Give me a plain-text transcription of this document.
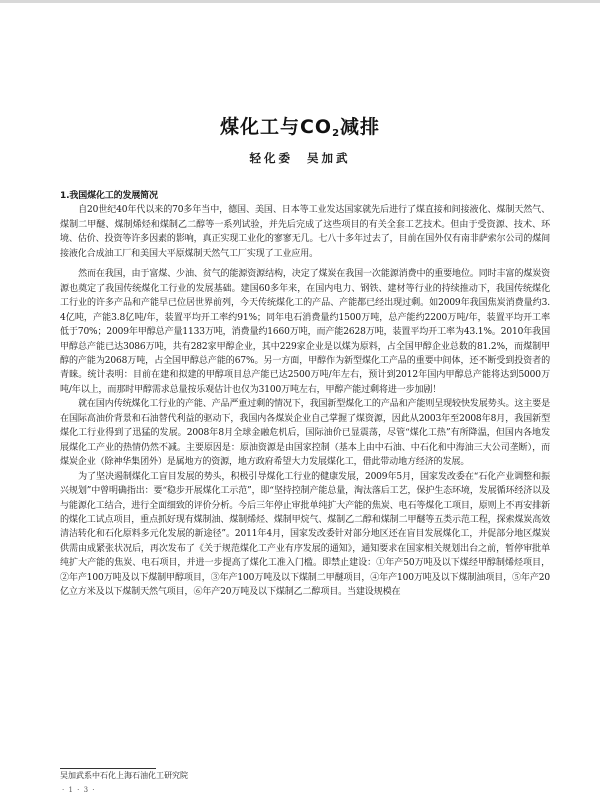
煤化工与$CO_2$减排
轻化委 吴加武

1.我国煤化工的发展简况

自20世纪40年代以来的70多年当中，德国、美国、日本等工业发达国家就先后进行了煤直接和间接液化、煤制天然气、煤制二甲醚、煤制烯烃和煤制乙二醇等一系列试验，并先后完成了这些项目的有关全套工艺技术。但由于受资源、技术、环境、估价、投资等许多因素的影响，真正实现工业化的寥寥无几。七八十多年过去了，目前在国外仅有南非萨索尔公司的煤间接液化合成油工厂和美国大平原煤制天然气工厂实现了工业应用。

然而在我国，由于富煤、少油、贫气的能源资源结构，决定了煤炭在我国一次能源消费中的重要地位。同时丰富的煤炭资源也奠定了我国传统煤化工行业的发展基础。建国60多年来，在国内电力、钢铁、建材等行业的持续推动下，我国传统煤化工行业的许多产品和产能早已位居世界前列，今天传统煤化工的产品、产能都已经出现过剩。如2009年我国焦炭消费量约3.4亿吨，产能3.8亿吨/年，装置平均开工率约91%；同年电石消费量约1500万吨，总产能约2200万吨/年，装置平均开工率低于70%；2009年甲醇总产量1133万吨，消费量约1660万吨，而产能2628万吨，装置平均开工率为43.1%。2010年我国甲醇总产能已达3086万吨，共有282家甲醇企业，其中229家企业是以煤为原料，占全国甲醇企业总数的81.2%，而煤制甲醇的产能为2068万吨，占全国甲醇总产能的67%。另一方面，甲醇作为新型煤化工产品的重要中间体，还不断受到投资者的青睐。统计表明：目前在建和拟建的甲醇项目总产能已达2500万吨/年左右，预计到2012年国内甲醇总产能将达到5000万吨/年以上，而那时甲醇需求总量按乐观估计也仅为3100万吨左右，甲醇产能过剩将进一步加剧！

就在国内传统煤化工行业的产能、产品严重过剩的情况下，我国新型煤化工的产品和产能则呈现较快发展势头。这主要是在国际高油价背景和石油替代利益的驱动下，我国内各煤炭企业自己掌握了煤资源，因此从2003年至2008年8月，我国新型煤化工行业得到了迅猛的发展。2008年8月全球金融危机后，国际油价已显震荡，尽管“煤化工热”有所降温，但国内各地发展煤化工产业的热情仍然不减。主要原因是：原油资源是由国家控制（基本上由中石油、中石化和中海油三大公司垄断），而煤炭企业（除神华集团外）是属地方的资源，地方政府希望大力发展煤化工，借此带动地方经济的发展。

为了坚决遏制煤化工盲目发展的势头，积极引导煤化工行业的健康发展，2009年5月，国家发改委在“石化产业调整和振兴规划”中曾明确指出：要“稳步开展煤化工示范”，即“坚持控制产能总量，淘汰落后工艺，保护生态环境，发展循环经济以及与能源化工结合，进行全面细致的评价分析。今后三年停止审批单纯扩大产能的焦炭、电石等煤化工项目，原则上不再安排新的煤化工试点项目，重点抓好现有煤制油、煤制烯烃、煤制甲烷气、煤制乙二醇和煤制二甲醚等五类示范工程，探索煤炭高效清洁转化和石化原料多元化发展的新途径”。2011年4月，国家发改委针对部分地区还在盲目发展煤化工，并促部分地区煤炭供需由成紧张状况后，再次发布了《关于规范煤化工产业有序发展的通知》，通知要求在国家相关规划出台之前，暂停审批单纯扩大产能的焦炭、电石项目，并进一步提高了煤化工准入门槛。即禁止建设：①年产50万吨及以下煤经甲醇制烯烃项目，②年产100万吨及以下煤制甲醇项目，③年产100万吨及以下煤制二甲醚项目，④年产100万吨及以下煤制油项目，⑤年产20亿立方米及以下煤制天然气项目，⑥年产20万吨及以下煤制乙二醇项目。当建设规模在

吴加武系中石化上海石油化工研究院
· 1 · 3 ·
